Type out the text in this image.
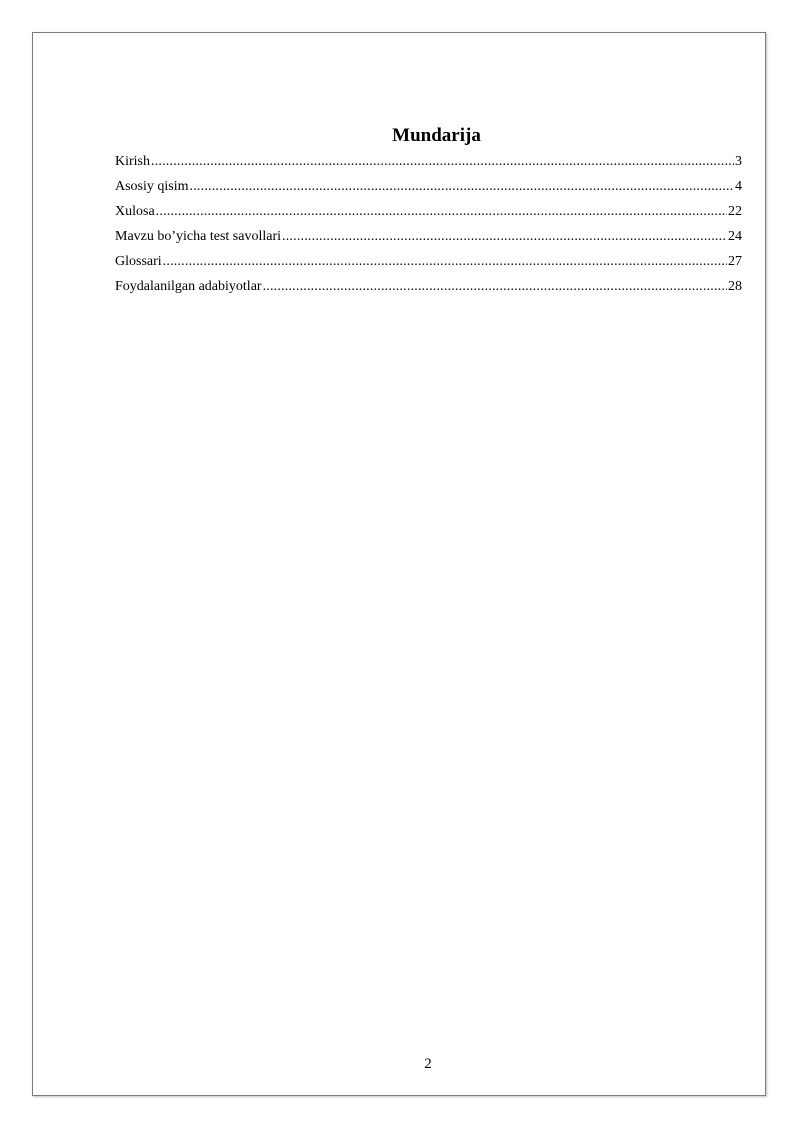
Mundarija
Kirish .....	3
Asosiy qisim .....	4
Xulosa .....	22
Mavzu bo’yicha test savollari .....	24
Glossari .....	27
Foydalanilgan adabiyotlar .....	28
2
